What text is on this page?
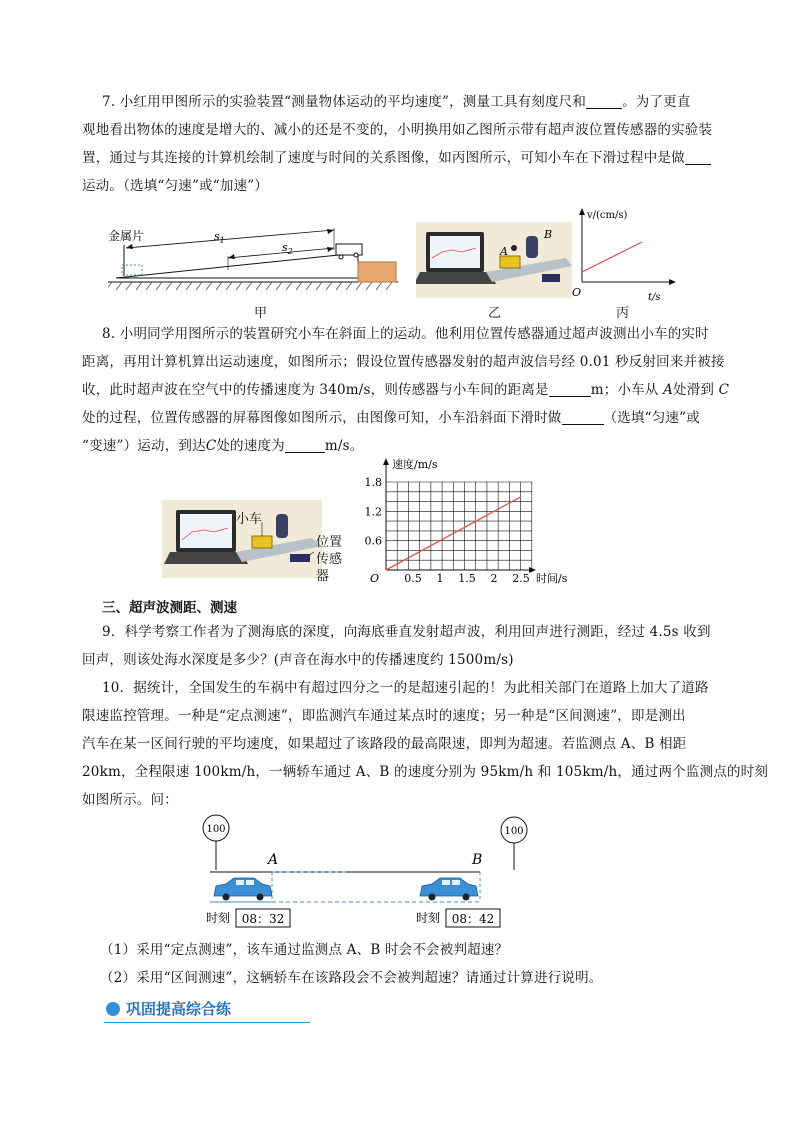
7. 小红用甲图所示的实验装置“测量物体运动的平均速度”，测量工具有刻度尺和	。为了更直
观地看出物体的速度是增大的、减小的还是不变的，小明换用如乙图所示带有超声波位置传感器的实验装
置，通过与其连接的计算机绘制了速度与时间的关系图像，如丙图所示，可知小车在下滑过程中是做
运动。（选填“匀速”或“加速”）
金属片	$s_1$
$s_2$	A
B
v/(cm/s)
t/s
O
甲	乙	丙
8. 小明同学用图所示的装置研究小车在斜面上的运动。他利用位置传感器通过超声波测出小车的实时
距离，再用计算机算出运动速度，如图所示；假设位置传感器发射的超声波信号经 0.01 秒反射回来并被接
收，此时超声波在空气中的传播速度为 340m/s，则传感器与小车间的距离是	m；小车从 A处滑到 C
处的过程，位置传感器的屏幕图像如图所示，由图像可知，小车沿斜面下滑时做	（选填“匀速”或
“变速”）运动，到达C处的速度为	m/s。
小车
位置
传感
器	0.5 1 1.5 2 2.5
0.6
1.2
1.8
速度/m/s
时间/s
O
三、超声波测距、测速
9．科学考察工作者为了测海底的深度，向海底垂直发射超声波，利用回声进行测距，经过 4.5s 收到
回声，则该处海水深度是多少？(声音在海水中的传播速度约 1500m/s)
10．据统计，全国发生的车祸中有超过四分之一的是超速引起的！为此相关部门在道路上加大了道路
限速监控管理。一种是“定点测速”，即监测汽车通过某点时的速度；另一种是“区间测速”，即是测出
汽车在某一区间行驶的平均速度，如果超过了该路段的最高限速，即判为超速。若监测点 A、B 相距
20km，全程限速 100km/h，一辆轿车通过 A、B 的速度分别为 95km/h 和 105km/h，通过两个监测点的时刻
如图所示。问：
100	100
A	B
时刻 08：32	时刻 08：42
（1）采用“定点测速”，该车通过监测点 A、B 时会不会被判超速？
（2）采用“区间测速”，这辆轿车在该路段会不会被判超速？请通过计算进行说明。
巩固提高综合练
